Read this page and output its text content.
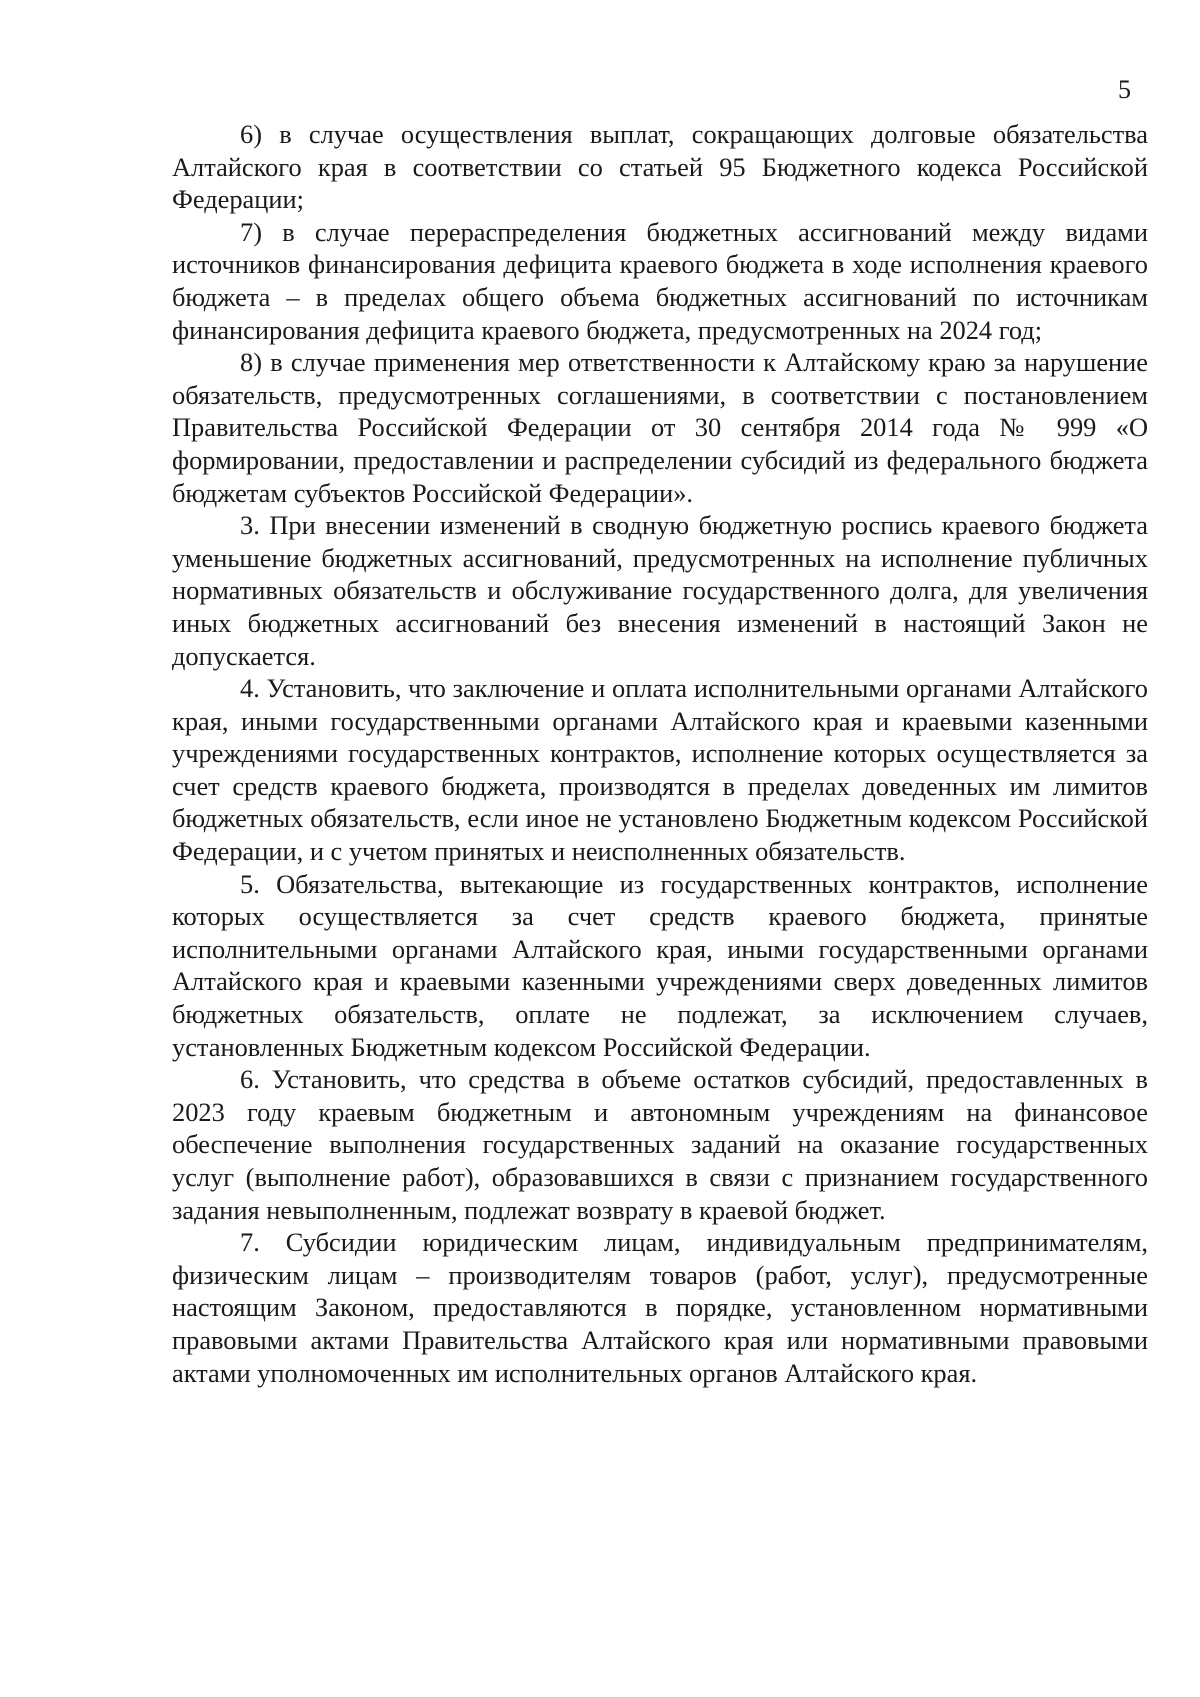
5

6) в случае осуществления выплат, сокращающих долговые обязательства Алтайского края в соответствии со статьей 95 Бюджетного кодекса Российской Федерации;

7) в случае перераспределения бюджетных ассигнований между видами источников финансирования дефицита краевого бюджета в ходе исполнения краевого бюджета – в пределах общего объема бюджетных ассигнований по источникам финансирования дефицита краевого бюджета, предусмотренных на 2024 год;

8) в случае применения мер ответственности к Алтайскому краю за нарушение обязательств, предусмотренных соглашениями, в соответствии с постановлением Правительства Российской Федерации от 30 сентября 2014 года № 999 «О формировании, предоставлении и распределении субсидий из федерального бюджета бюджетам субъектов Российской Федерации».

3. При внесении изменений в сводную бюджетную роспись краевого бюджета уменьшение бюджетных ассигнований, предусмотренных на исполнение публичных нормативных обязательств и обслуживание государственного долга, для увеличения иных бюджетных ассигнований без внесения изменений в настоящий Закон не допускается.

4. Установить, что заключение и оплата исполнительными органами Алтайского края, иными государственными органами Алтайского края и краевыми казенными учреждениями государственных контрактов, исполнение которых осуществляется за счет средств краевого бюджета, производятся в пределах доведенных им лимитов бюджетных обязательств, если иное не установлено Бюджетным кодексом Российской Федерации, и с учетом принятых и неисполненных обязательств.

5. Обязательства, вытекающие из государственных контрактов, исполнение которых осуществляется за счет средств краевого бюджета, принятые исполнительными органами Алтайского края, иными государственными органами Алтайского края и краевыми казенными учреждениями сверх доведенных лимитов бюджетных обязательств, оплате не подлежат, за исключением случаев, установленных Бюджетным кодексом Российской Федерации.

6. Установить, что средства в объеме остатков субсидий, предоставленных в 2023 году краевым бюджетным и автономным учреждениям на финансовое обеспечение выполнения государственных заданий на оказание государственных услуг (выполнение работ), образовавшихся в связи с признанием государственного задания невыполненным, подлежат возврату в краевой бюджет.

7. Субсидии юридическим лицам, индивидуальным предпринимателям, физическим лицам – производителям товаров (работ, услуг), предусмотренные настоящим Законом, предоставляются в порядке, установленном нормативными правовыми актами Правительства Алтайского края или нормативными правовыми актами уполномоченных им исполнительных органов Алтайского края.
